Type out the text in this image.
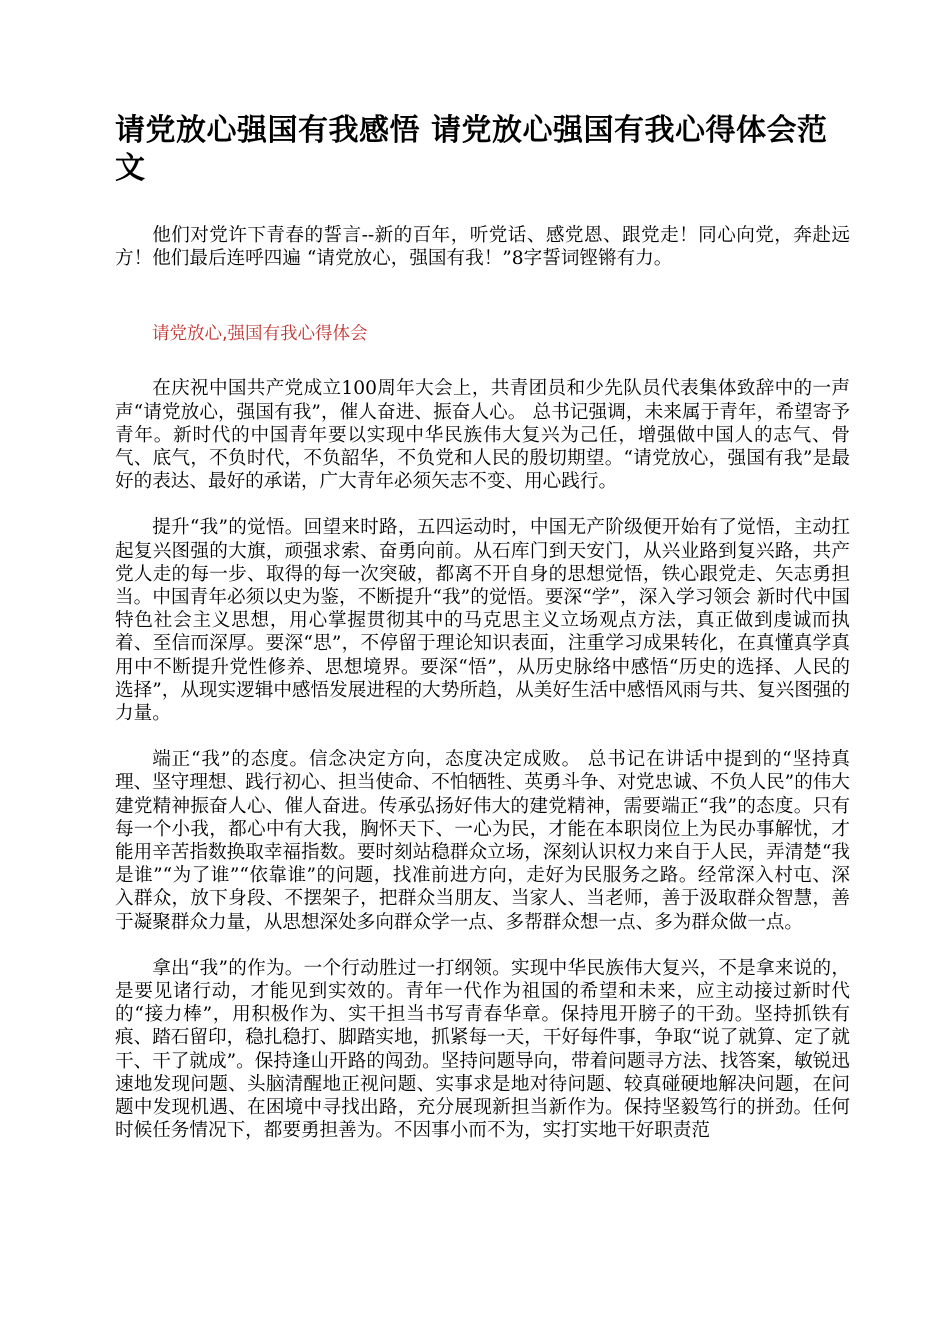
请党放心强国有我感悟 请党放心强国有我心得体会范文

他们对党许下青春的誓言--新的百年，听党话、感党恩、跟党走！同心向党，奔赴远方！他们最后连呼四遍 “请党放心，强国有我！”8字誓词铿锵有力。

请党放心,强国有我心得体会

在庆祝中国共产党成立100周年大会上，共青团员和少先队员代表集体致辞中的一声声“请党放心，强国有我”，催人奋进、振奋人心。 总书记强调，未来属于青年，希望寄予青年。新时代的中国青年要以实现中华民族伟大复兴为己任，增强做中国人的志气、骨气、底气，不负时代，不负韶华，不负党和人民的殷切期望。“请党放心，强国有我”是最好的表达、最好的承诺，广大青年必须矢志不变、用心践行。

提升“我”的觉悟。回望来时路，五四运动时，中国无产阶级便开始有了觉悟，主动扛起复兴图强的大旗，顽强求索、奋勇向前。从石库门到天安门，从兴业路到复兴路，共产党人走的每一步、取得的每一次突破，都离不开自身的思想觉悟，铁心跟党走、矢志勇担当。中国青年必须以史为鉴，不断提升“我”的觉悟。要深“学”，深入学习领会 新时代中国特色社会主义思想，用心掌握贯彻其中的马克思主义立场观点方法，真正做到虔诚而执着、至信而深厚。要深“思”，不停留于理论知识表面，注重学习成果转化，在真懂真学真用中不断提升党性修养、思想境界。要深“悟”，从历史脉络中感悟“历史的选择、人民的选择”，从现实逻辑中感悟发展进程的大势所趋，从美好生活中感悟风雨与共、复兴图强的力量。

端正“我”的态度。信念决定方向，态度决定成败。 总书记在讲话中提到的“坚持真理、坚守理想、践行初心、担当使命、不怕牺牲、英勇斗争、对党忠诚、不负人民”的伟大建党精神振奋人心、催人奋进。传承弘扬好伟大的建党精神，需要端正“我”的态度。只有每一个小我，都心中有大我，胸怀天下、一心为民，才能在本职岗位上为民办事解忧，才能用辛苦指数换取幸福指数。要时刻站稳群众立场，深刻认识权力来自于人民，弄清楚“我是谁”“为了谁”“依靠谁”的问题，找准前进方向，走好为民服务之路。经常深入村屯、深入群众，放下身段、不摆架子，把群众当朋友、当家人、当老师，善于汲取群众智慧，善于凝聚群众力量，从思想深处多向群众学一点、多帮群众想一点、多为群众做一点。

拿出“我”的作为。一个行动胜过一打纲领。实现中华民族伟大复兴，不是拿来说的，是要见诸行动，才能见到实效的。青年一代作为祖国的希望和未来，应主动接过新时代的“接力棒”，用积极作为、实干担当书写青春华章。保持甩开膀子的干劲。坚持抓铁有痕、踏石留印，稳扎稳打、脚踏实地，抓紧每一天，干好每件事，争取“说了就算、定了就干、干了就成”。保持逢山开路的闯劲。坚持问题导向，带着问题寻方法、找答案，敏锐迅速地发现问题、头脑清醒地正视问题、实事求是地对待问题、较真碰硬地解决问题，在问题中发现机遇、在困境中寻找出路，充分展现新担当新作为。保持坚毅笃行的拼劲。任何时候任务情况下，都要勇担善为。不因事小而不为，实打实地干好职责范
